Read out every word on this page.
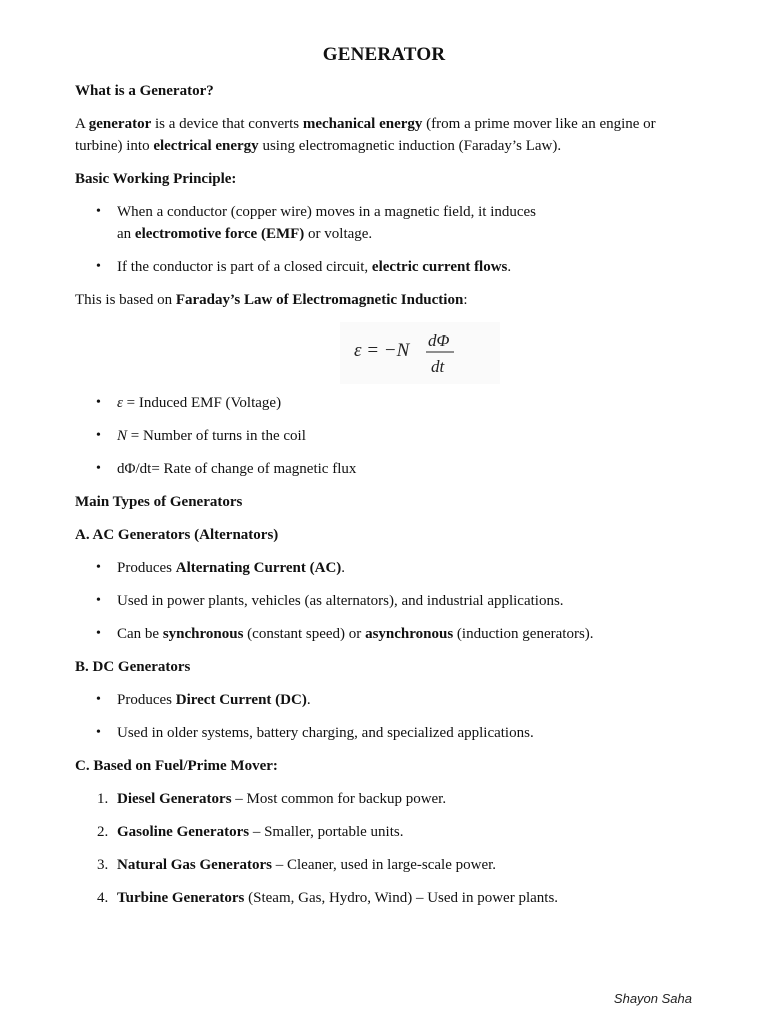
GENERATOR
What is a Generator?

A generator is a device that converts mechanical energy (from a prime mover like an engine or turbine) into electrical energy using electromagnetic induction (Faraday’s Law).

Basic Working Principle:
• When a conductor (copper wire) moves in a magnetic field, it induces
an electromotive force (EMF) or voltage.
• If the conductor is part of a closed circuit, electric current flows.

This is based on Faraday’s Law of Electromagnetic Induction:

ε = −N dΦ
dt
• ε = Induced EMF (Voltage)
• N = Number of turns in the coil
• dΦ/dt= Rate of change of magnetic flux
Main Types of Generators
A. AC Generators (Alternators)
• Produces Alternating Current (AC).
• Used in power plants, vehicles (as alternators), and industrial applications.
• Can be synchronous (constant speed) or asynchronous (induction generators).
B. DC Generators
• Produces Direct Current (DC).
• Used in older systems, battery charging, and specialized applications.
C. Based on Fuel/Prime Mover:
1. Diesel Generators – Most common for backup power.
2. Gasoline Generators – Smaller, portable units.
3. Natural Gas Generators – Cleaner, used in large-scale power.
4. Turbine Generators (Steam, Gas, Hydro, Wind) – Used in power plants.
Shayon Saha
